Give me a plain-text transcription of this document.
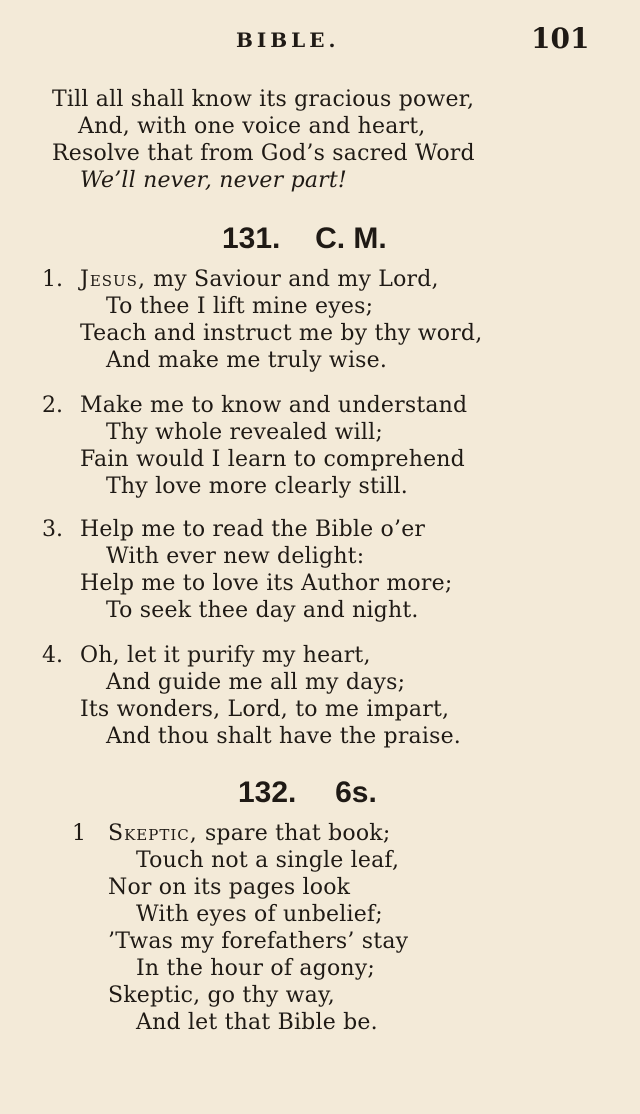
BIBLE.	101
Till all shall know its gracious power,
And, with one voice and heart,
Resolve that from God’s sacred Word
We’ll never, never part!
131. C. M.
1. Jesus, my Saviour and my Lord,
To thee I lift mine eyes;
Teach and instruct me by thy word,
And make me truly wise.
2. Make me to know and understand
Thy whole revealed will;
Fain would I learn to comprehend
Thy love more clearly still.
3. Help me to read the Bible o’er
With ever new delight:
Help me to love its Author more;
To seek thee day and night.
4. Oh, let it purify my heart,
And guide me all my days;
Its wonders, Lord, to me impart,
And thou shalt have the praise.
132. 6s.
1 Skeptic, spare that book;
Touch not a single leaf,
Nor on its pages look
With eyes of unbelief;
’Twas my forefathers’ stay
In the hour of agony;
Skeptic, go thy way,
And let that Bible be.
